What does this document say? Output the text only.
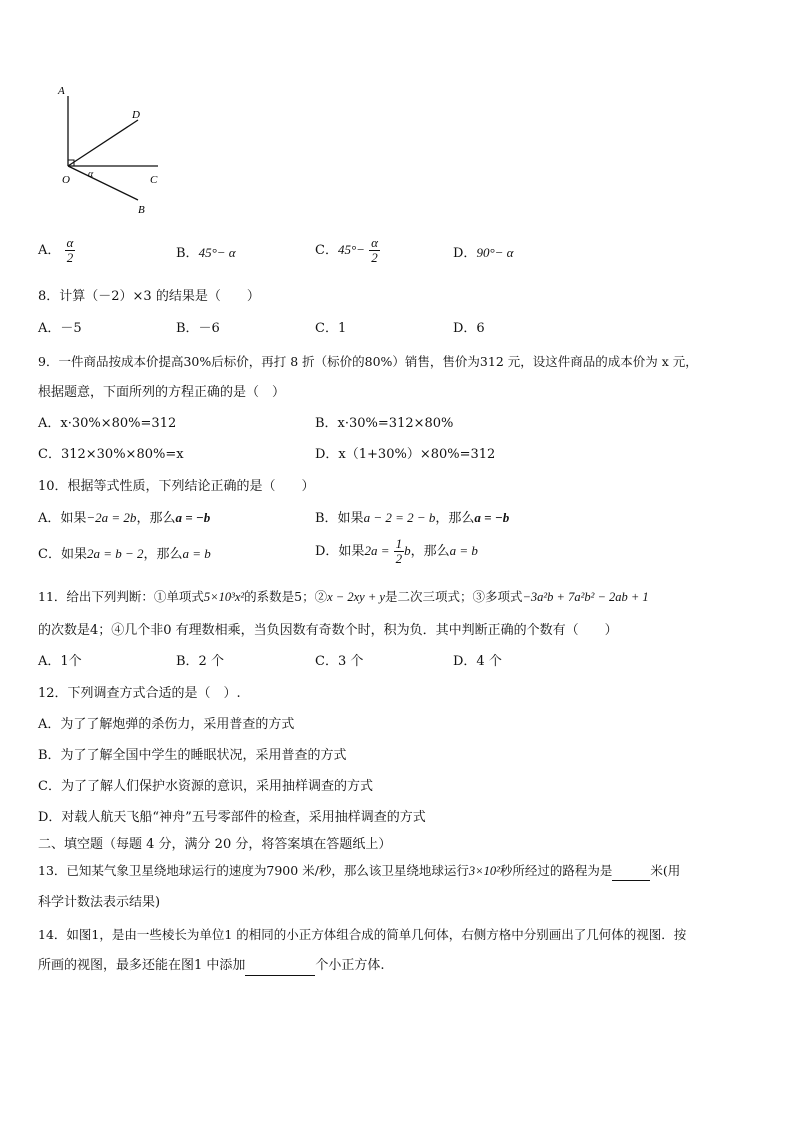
A
D
O α	C
B
A． $\frac{\alpha}{2}$	B．45°− α	C．$45^\circ- \frac{\alpha}{2}$	D．90°− α
8．计算（－2）×3 的结果是（　　）
A．－5	B．－6	C．1	D．6
9．一件商品按成本价提高30%后标价，再打 8 折（标价的80%）销售，售价为312 元，设这件商品的成本价为 x 元，
根据题意，下面所列的方程正确的是（　）
A．x·30%×80%=312	B．x·30%=312×80%
C．312×30%×80%=x	D．x（1+30%）×80%=312
10．根据等式性质，下列结论正确的是（　　）
A．如果−2a = 2b，那么a = −b	B．如果a − 2 = 2 − b，那么a = −b
C．如果2a = b − 2，那么a = b	D．如果$2a = \frac{1}{2}$ b，那么a = b
11．给出下列判断：①单项式5×10³x²的系数是5；②x − 2xy + y是二次三项式；③多项式−3a²b + 7a²b² − 2ab + 1
的次数是4；④几个非0 有理数相乘，当负因数有奇数个时，积为负．其中判断正确的个数有（　　）
A．1个	B．2 个	C．3 个	D．4 个
12．下列调查方式合适的是（　）.
A．为了了解炮弹的杀伤力，采用普查的方式
B．为了了解全国中学生的睡眠状况，采用普查的方式
C．为了了解人们保护水资源的意识，采用抽样调查的方式
D．对载人航天飞船“神舟”五号零部件的检查，采用抽样调查的方式
二、填空题（每题 4 分，满分 20 分，将答案填在答题纸上）
13．已知某气象卫星绕地球运行的速度为7900 米/秒，那么该卫星绕地球运行3×10²秒所经过的路程为是	米(用
科学计数法表示结果)
14．如图1，是由一些棱长为单位1 的相同的小正方体组合成的简单几何体，右侧方格中分别画出了几何体的视图．按
所画的视图，最多还能在图1 中添加	个小正方体.
